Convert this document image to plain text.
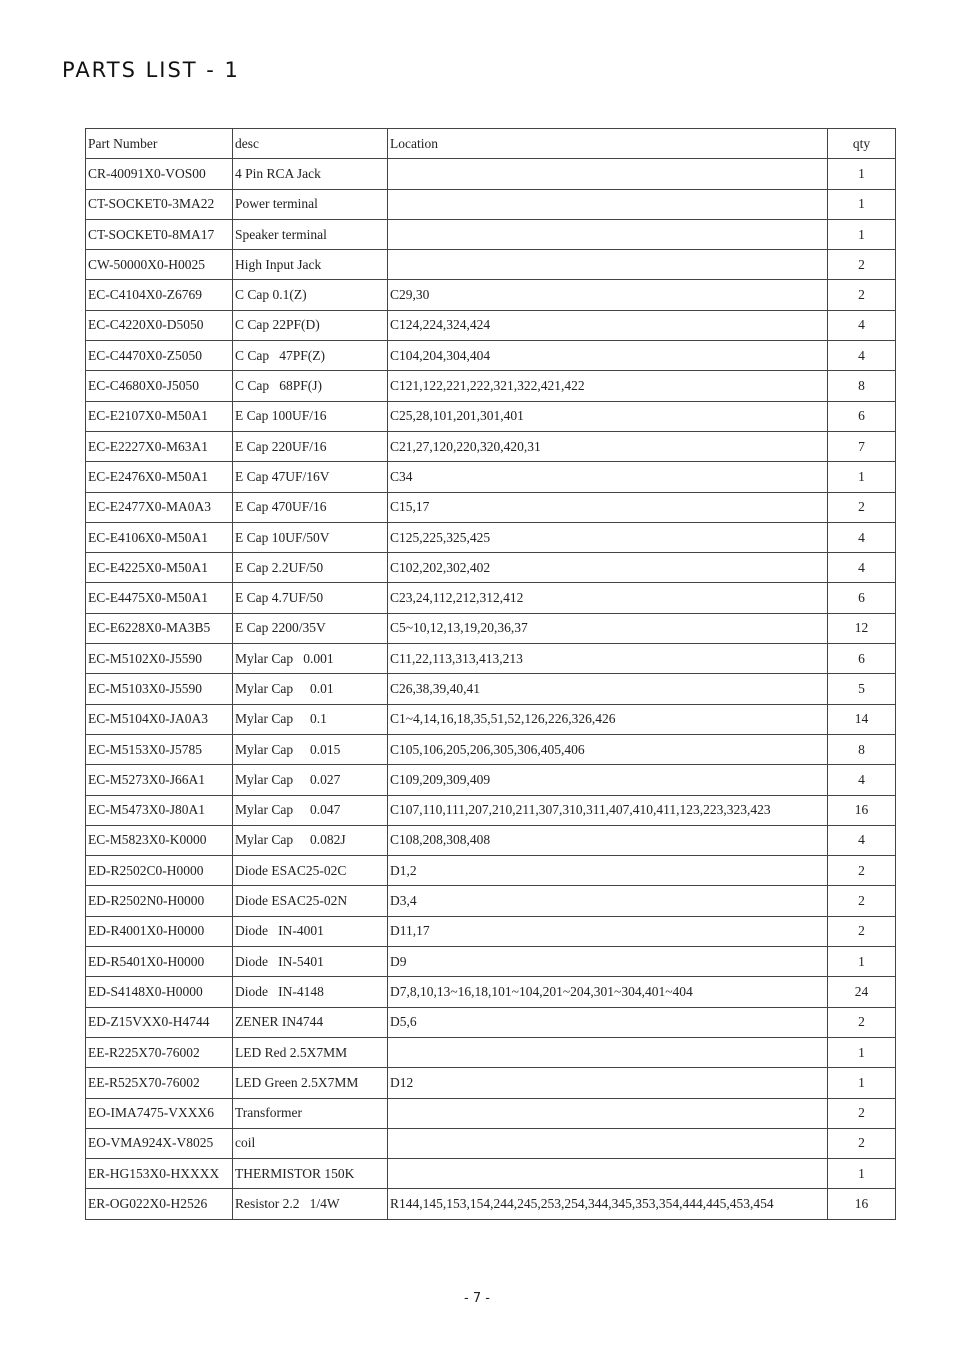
PARTS LIST - 1
Part Number	desc	Location	qty
CR-40091X0-VOS00	4 Pin RCA Jack		1
CT-SOCKET0-3MA22	Power terminal		1
CT-SOCKET0-8MA17	Speaker terminal		1
CW-50000X0-H0025	High Input Jack		2
EC-C4104X0-Z6769	C Cap 0.1(Z)	C29,30	2
EC-C4220X0-D5050	C Cap 22PF(D)	C124,224,324,424	4
EC-C4470X0-Z5050	C Cap   47PF(Z)	C104,204,304,404	4
EC-C4680X0-J5050	C Cap   68PF(J)	C121,122,221,222,321,322,421,422	8
EC-E2107X0-M50A1	E Cap 100UF/16	C25,28,101,201,301,401	6
EC-E2227X0-M63A1	E Cap 220UF/16	C21,27,120,220,320,420,31	7
EC-E2476X0-M50A1	E Cap 47UF/16V	C34	1
EC-E2477X0-MA0A3	E Cap 470UF/16	C15,17	2
EC-E4106X0-M50A1	E Cap 10UF/50V	C125,225,325,425	4
EC-E4225X0-M50A1	E Cap 2.2UF/50	C102,202,302,402	4
EC-E4475X0-M50A1	E Cap 4.7UF/50	C23,24,112,212,312,412	6
EC-E6228X0-MA3B5	E Cap 2200/35V	C5~10,12,13,19,20,36,37	12
EC-M5102X0-J5590	Mylar Cap   0.001	C11,22,113,313,413,213	6
EC-M5103X0-J5590	Mylar Cap     0.01	C26,38,39,40,41	5
EC-M5104X0-JA0A3	Mylar Cap     0.1	C1~4,14,16,18,35,51,52,126,226,326,426	14
EC-M5153X0-J5785	Mylar Cap     0.015	C105,106,205,206,305,306,405,406	8
EC-M5273X0-J66A1	Mylar Cap     0.027	C109,209,309,409	4
EC-M5473X0-J80A1	Mylar Cap     0.047	C107,110,111,207,210,211,307,310,311,407,410,411,123,223,323,423	16
EC-M5823X0-K0000	Mylar Cap     0.082J	C108,208,308,408	4
ED-R2502C0-H0000	Diode ESAC25-02C	D1,2	2
ED-R2502N0-H0000	Diode ESAC25-02N	D3,4	2
ED-R4001X0-H0000	Diode   IN-4001	D11,17	2
ED-R5401X0-H0000	Diode   IN-5401	D9	1
ED-S4148X0-H0000	Diode   IN-4148	D7,8,10,13~16,18,101~104,201~204,301~304,401~404	24
ED-Z15VXX0-H4744	ZENER IN4744	D5,6	2
EE-R225X70-76002	LED Red 2.5X7MM		1
EE-R525X70-76002	LED Green 2.5X7MM	D12	1
EO-IMA7475-VXXX6	Transformer		2
EO-VMA924X-V8025	coil		2
ER-HG153X0-HXXXX	THERMISTOR 150K		1
ER-OG022X0-H2526	Resistor 2.2   1/4W	R144,145,153,154,244,245,253,254,344,345,353,354,444,445,453,454	16
- 7 -
